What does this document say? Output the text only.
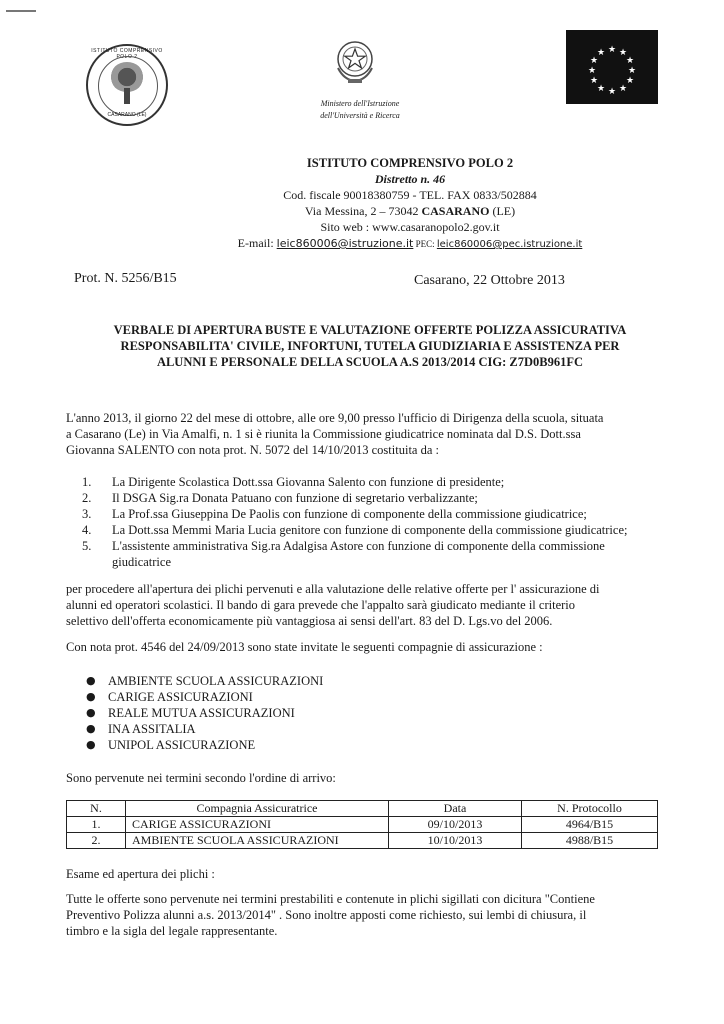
ISTITUTO COMPRENSIVO POLO 2
CASARANO (LE)
Ministero dell'Istruzione
dell'Università e Ricerca
★ ★
★
★
★
★
★
★
★
★
★
★
ISTITUTO COMPRENSIVO POLO 2
Distretto n. 46
Cod. fiscale 90018380759 - TEL. FAX 0833/502884
Via Messina, 2 – 73042 CASARANO (LE)
Sito web : www.casaranopolo2.gov.it
E-mail: leic860006@istruzione.it PEC: leic860006@pec.istruzione.it
Prot. N. 5256/B15	Casarano, 22 Ottobre 2013
VERBALE DI APERTURA BUSTE E VALUTAZIONE OFFERTE POLIZZA ASSICURATIVA
RESPONSABILITA' CIVILE, INFORTUNI, TUTELA GIUDIZIARIA E ASSISTENZA PER
ALUNNI E PERSONALE DELLA SCUOLA A.S 2013/2014 CIG: Z7D0B961FC
L'anno 2013, il giorno 22 del mese di ottobre, alle ore 9,00 presso l'ufficio di Dirigenza della scuola, situata
a Casarano (Le) in Via Amalfi, n. 1 si è riunita la Commissione giudicatrice nominata dal D.S. Dott.ssa
Giovanna SALENTO con nota prot. N. 5072 del 14/10/2013 costituita da :
1.	La Dirigente Scolastica Dott.ssa Giovanna Salento con funzione di presidente;
2.	Il DSGA Sig.ra Donata Patuano con funzione di segretario verbalizzante;
3.	La Prof.ssa Giuseppina De Paolis con funzione di componente della commissione giudicatrice;
4.	La Dott.ssa Memmi Maria Lucia genitore con funzione di componente della commissione giudicatrice;
5.	L'assistente amministrativa Sig.ra Adalgisa Astore con funzione di componente della commissione giudicatrice
per procedere all'apertura dei plichi pervenuti e alla valutazione delle relative offerte per l' assicurazione di
alunni ed operatori scolastici. Il bando di gara prevede che l'appalto sarà giudicato mediante il criterio
selettivo dell'offerta economicamente più vantaggiosa ai sensi dell'art. 83 del D. Lgs.vo del 2006.
Con nota prot. 4546 del 24/09/2013 sono state invitate le seguenti compagnie di assicurazione :
● AMBIENTE SCUOLA ASSICURAZIONI
● CARIGE ASSICURAZIONI
● REALE MUTUA ASSICURAZIONI
● INA ASSITALIA
● UNIPOL ASSICURAZIONE
Sono pervenute nei termini secondo l'ordine di arrivo:
N.	Compagnia Assicuratrice	Data	N. Protocollo
1.	CARIGE ASSICURAZIONI	09/10/2013	4964/B15
2.	AMBIENTE SCUOLA ASSICURAZIONI	10/10/2013	4988/B15
Esame ed apertura dei plichi :
Tutte le offerte sono pervenute nei termini prestabiliti e contenute in plichi sigillati con dicitura "Contiene
Preventivo Polizza alunni a.s. 2013/2014" . Sono inoltre apposti come richiesto, sui lembi di chiusura, il
timbro e la sigla del legale rappresentante.
